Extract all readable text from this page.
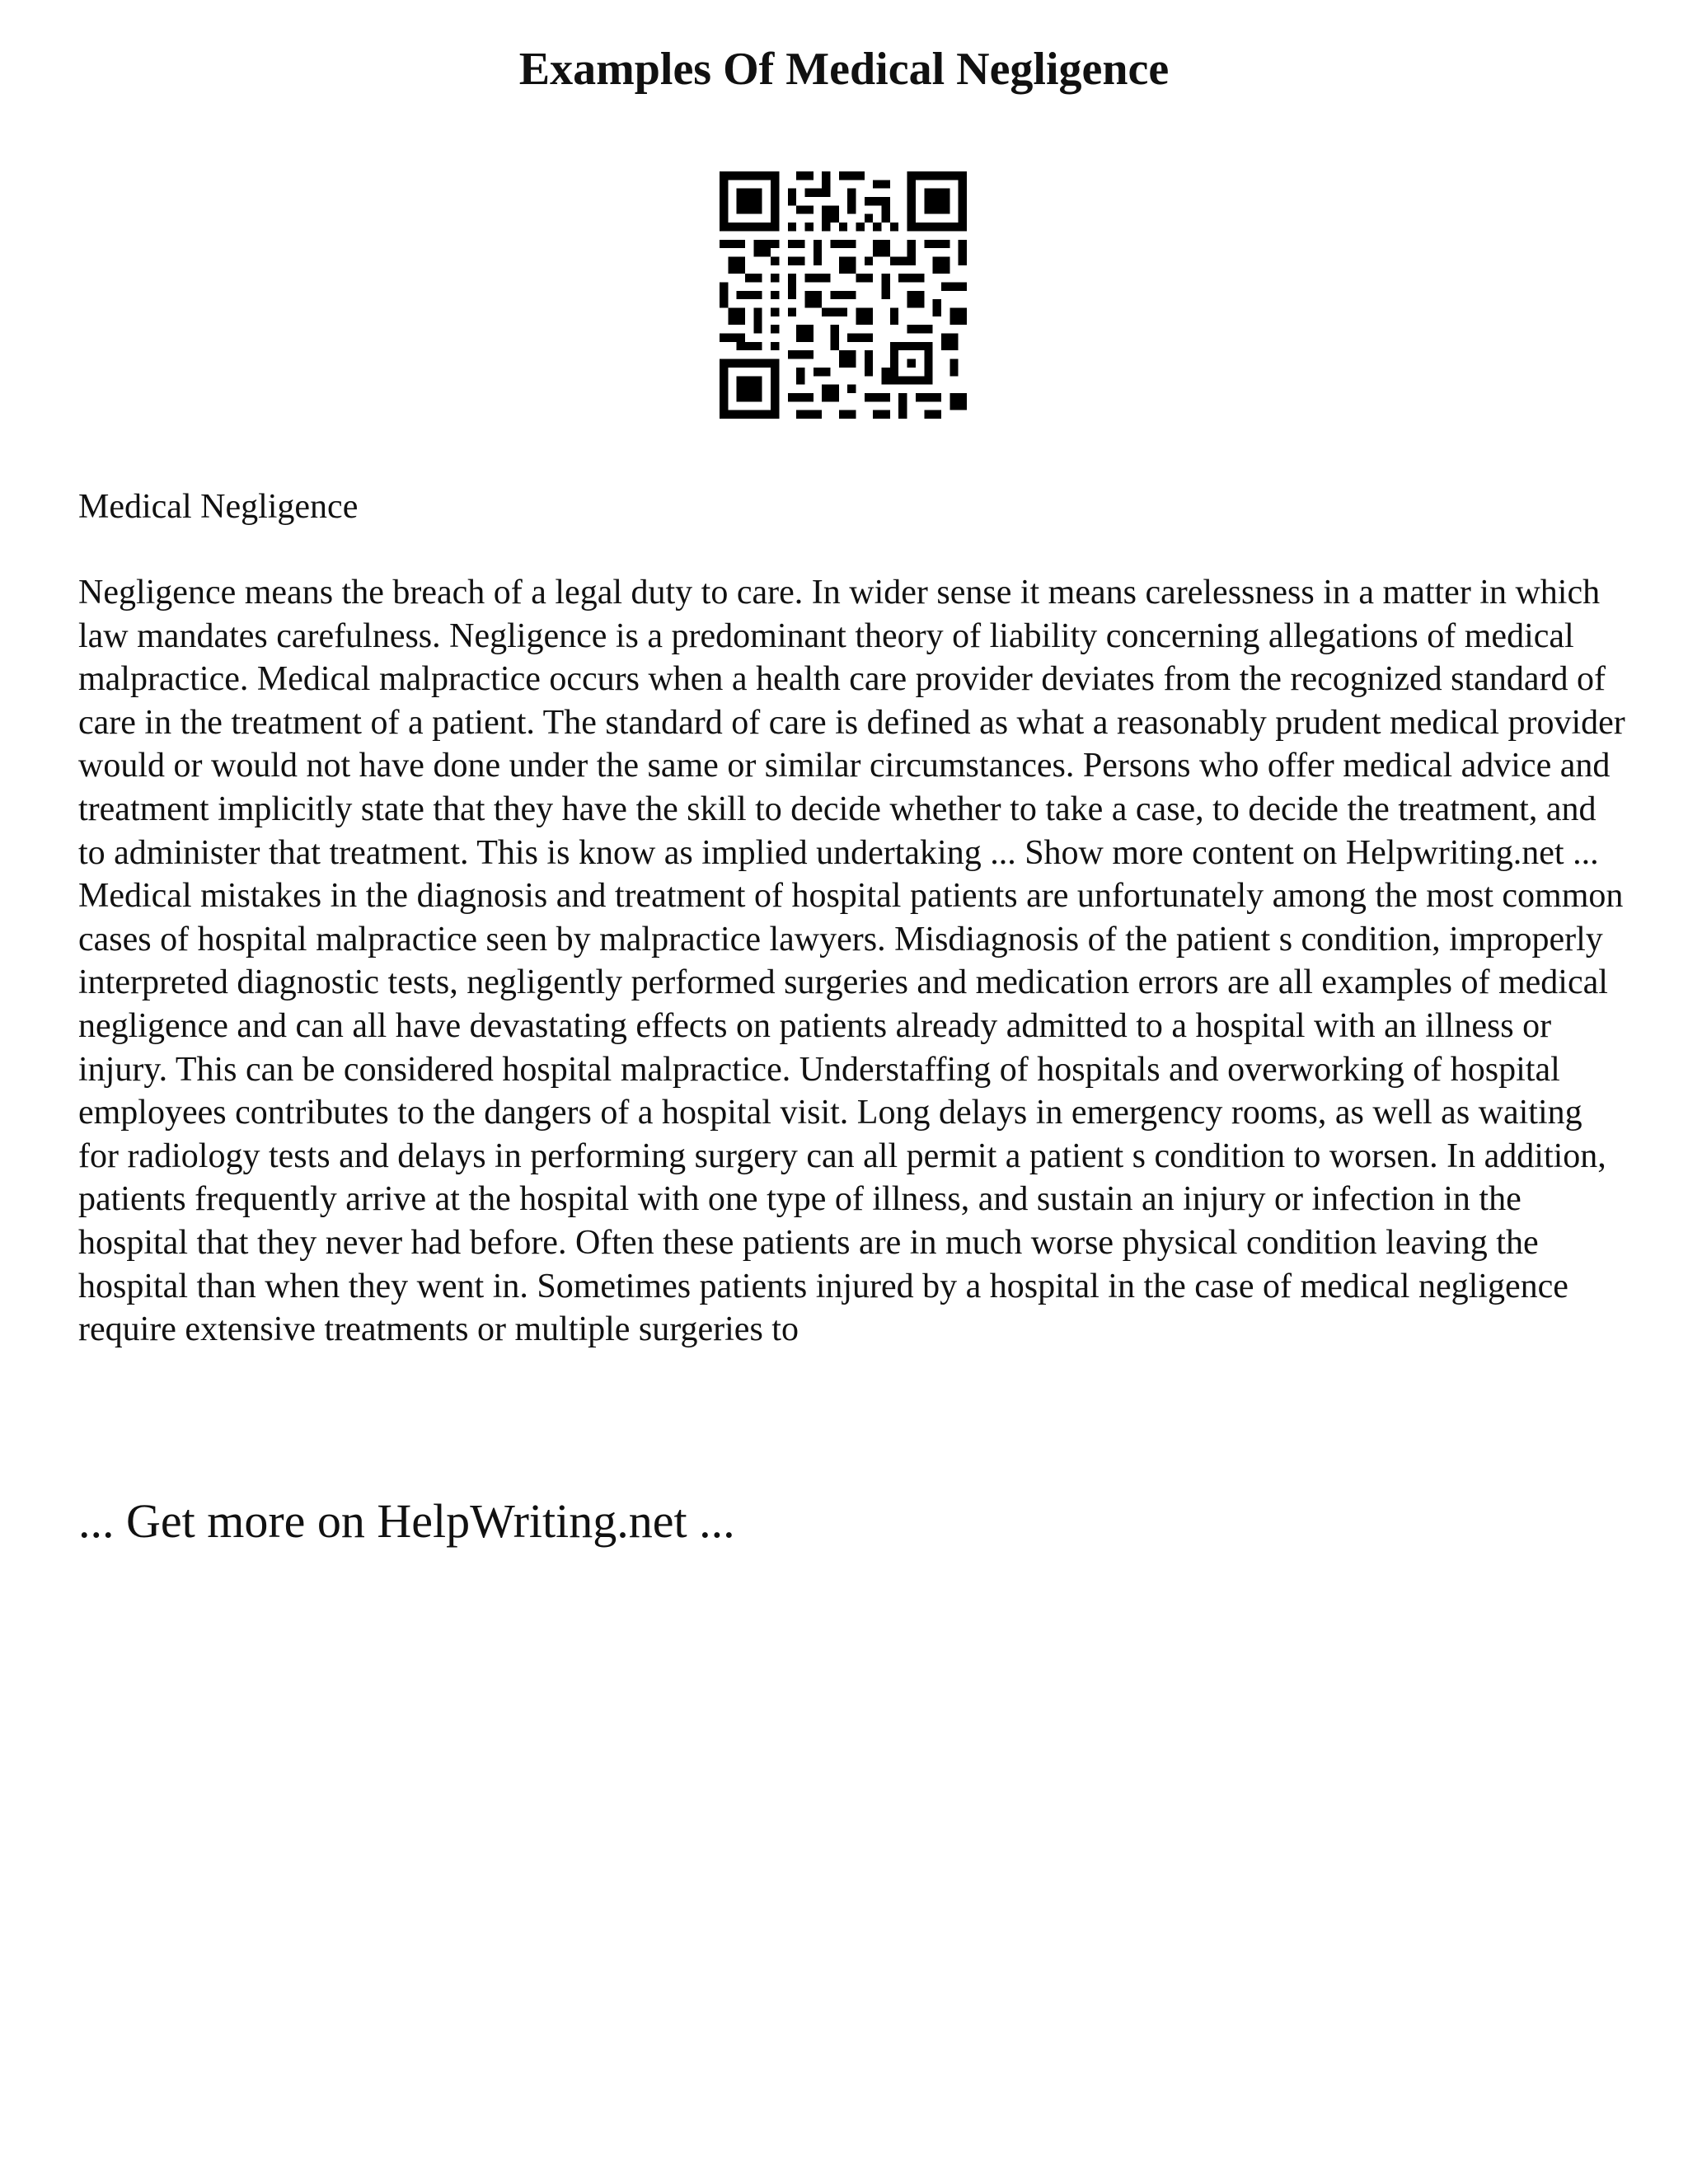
Examples Of Medical Negligence
Medical Negligence

Negligence means the breach of a legal duty to care. In wider sense it means carelessness in a matter in which law mandates carefulness. Negligence is a predominant theory of liability concerning allegations of medical malpractice. Medical malpractice occurs when a health care provider deviates from the recognized standard of care in the treatment of a patient. The standard of care is defined as what a reasonably prudent medical provider would or would not have done under the same or similar circumstances. Persons who offer medical advice and treatment implicitly state that they have the skill to decide whether to take a case, to decide the treatment, and to administer that treatment. This is know as implied undertaking ... Show more content on Helpwriting.net ...

Medical mistakes in the diagnosis and treatment of hospital patients are unfortunately among the most common cases of hospital malpractice seen by malpractice lawyers. Misdiagnosis of the patient s condition, improperly interpreted diagnostic tests, negligently performed surgeries and medication errors are all examples of medical negligence and can all have devastating effects on patients already admitted to a hospital with an illness or injury. This can be considered hospital malpractice. Understaffing of hospitals and overworking of hospital employees contributes to the dangers of a hospital visit. Long delays in emergency rooms, as well as waiting for radiology tests and delays in performing surgery can all permit a patient s condition to worsen. In addition, patients frequently arrive at the hospital with one type of illness, and sustain an injury or infection in the hospital that they never had before. Often these patients are in much worse physical condition leaving the hospital than when they went in. Sometimes patients injured by a hospital in the case of medical negligence require extensive treatments or multiple surgeries to

... Get more on HelpWriting.net ...
